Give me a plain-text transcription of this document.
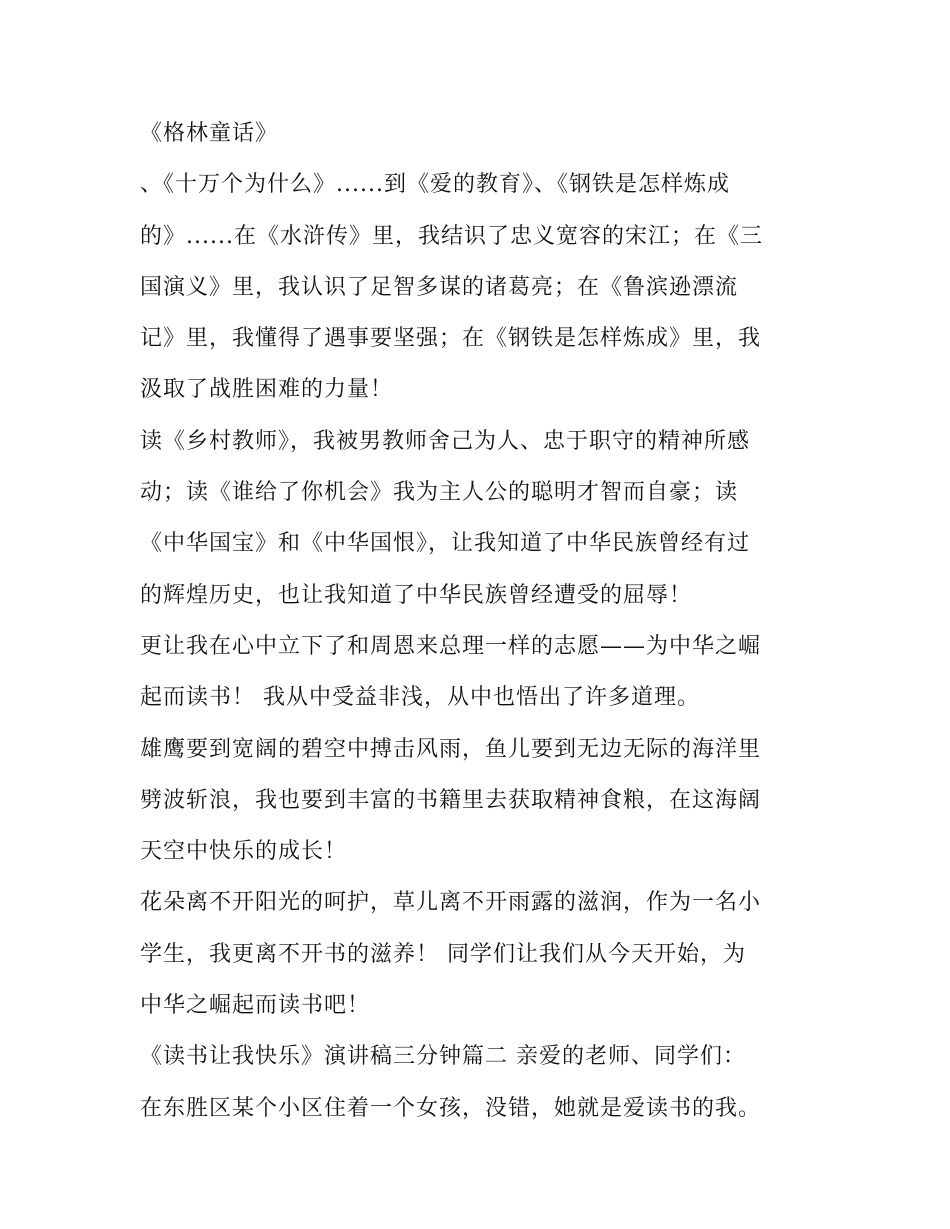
《格林童话》
、《十万个为什么》......到《爱的教育》、《钢铁是怎样炼成
的》......在《水浒传》里，我结识了忠义宽容的宋江；在《三
国演义》里，我认识了足智多谋的诸葛亮；在《鲁滨逊漂流
记》里，我懂得了遇事要坚强；在《钢铁是怎样炼成》里，我
汲取了战胜困难的力量！
读《乡村教师》，我被男教师舍己为人、忠于职守的精神所感
动；读《谁给了你机会》我为主人公的聪明才智而自豪；读
《中华国宝》和《中华国恨》，让我知道了中华民族曾经有过
的辉煌历史，也让我知道了中华民族曾经遭受的屈辱！
更让我在心中立下了和周恩来总理一样的志愿——为中华之崛
起而读书！ 我从中受益非浅，从中也悟出了许多道理。
雄鹰要到宽阔的碧空中搏击风雨，鱼儿要到无边无际的海洋里
劈波斩浪，我也要到丰富的书籍里去获取精神食粮，在这海阔
天空中快乐的成长！
花朵离不开阳光的呵护，草儿离不开雨露的滋润，作为一名小
学生，我更离不开书的滋养！ 同学们让我们从今天开始，为
中华之崛起而读书吧！
《读书让我快乐》演讲稿三分钟篇二 亲爱的老师、同学们：
在东胜区某个小区住着一个女孩，没错，她就是爱读书的我。
